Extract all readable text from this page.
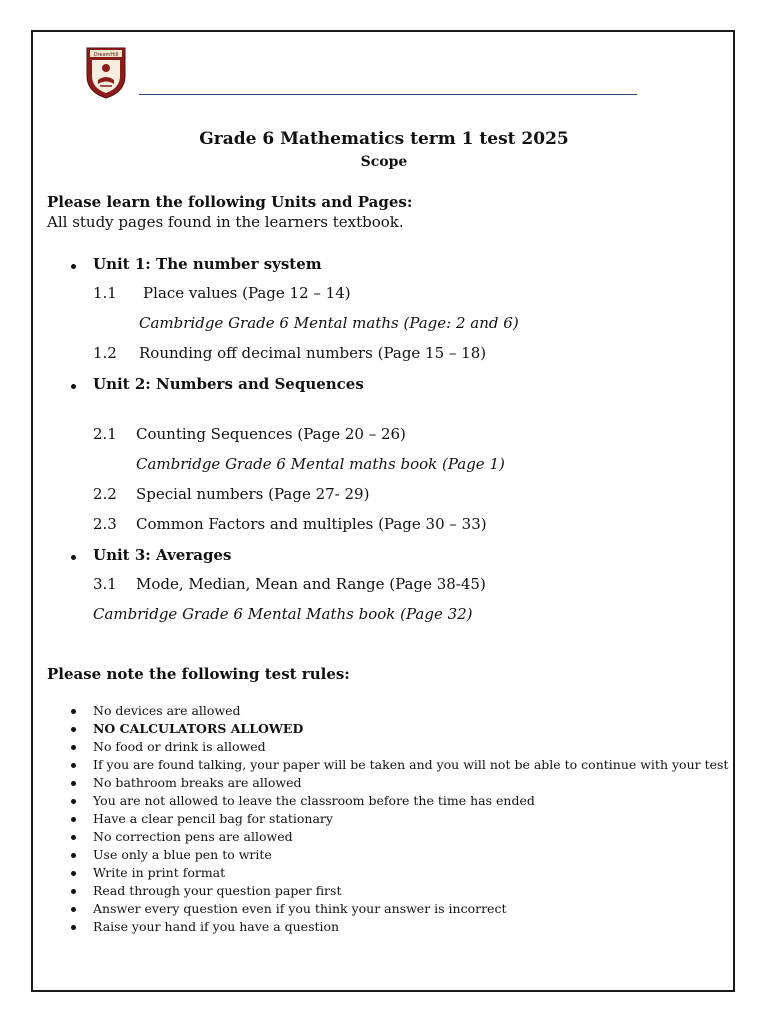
DreamHill
Grade 6 Mathematics term 1 test 2025
Scope
Please learn the following Units and Pages:
All study pages found in the learners textbook.
Unit 1: The number system
1.1 Place values (Page 12 – 14)
Cambridge Grade 6 Mental maths (Page: 2 and 6)
1.2 Rounding off decimal numbers (Page 15 – 18)
Unit 2: Numbers and Sequences
2.1 Counting Sequences (Page 20 – 26)
Cambridge Grade 6 Mental maths book (Page 1)
2.2 Special numbers (Page 27- 29)
2.3 Common Factors and multiples (Page 30 – 33)
Unit 3: Averages
3.1 Mode, Median, Mean and Range (Page 38-45)
Cambridge Grade 6 Mental Maths book (Page 32)
Please note the following test rules:
No devices are allowed
NO CALCULATORS ALLOWED
No food or drink is allowed
If you are found talking, your paper will be taken and you will not be able to continue with your test
No bathroom breaks are allowed
You are not allowed to leave the classroom before the time has ended
Have a clear pencil bag for stationary
No correction pens are allowed
Use only a blue pen to write
Write in print format
Read through your question paper first
Answer every question even if you think your answer is incorrect
Raise your hand if you have a question
